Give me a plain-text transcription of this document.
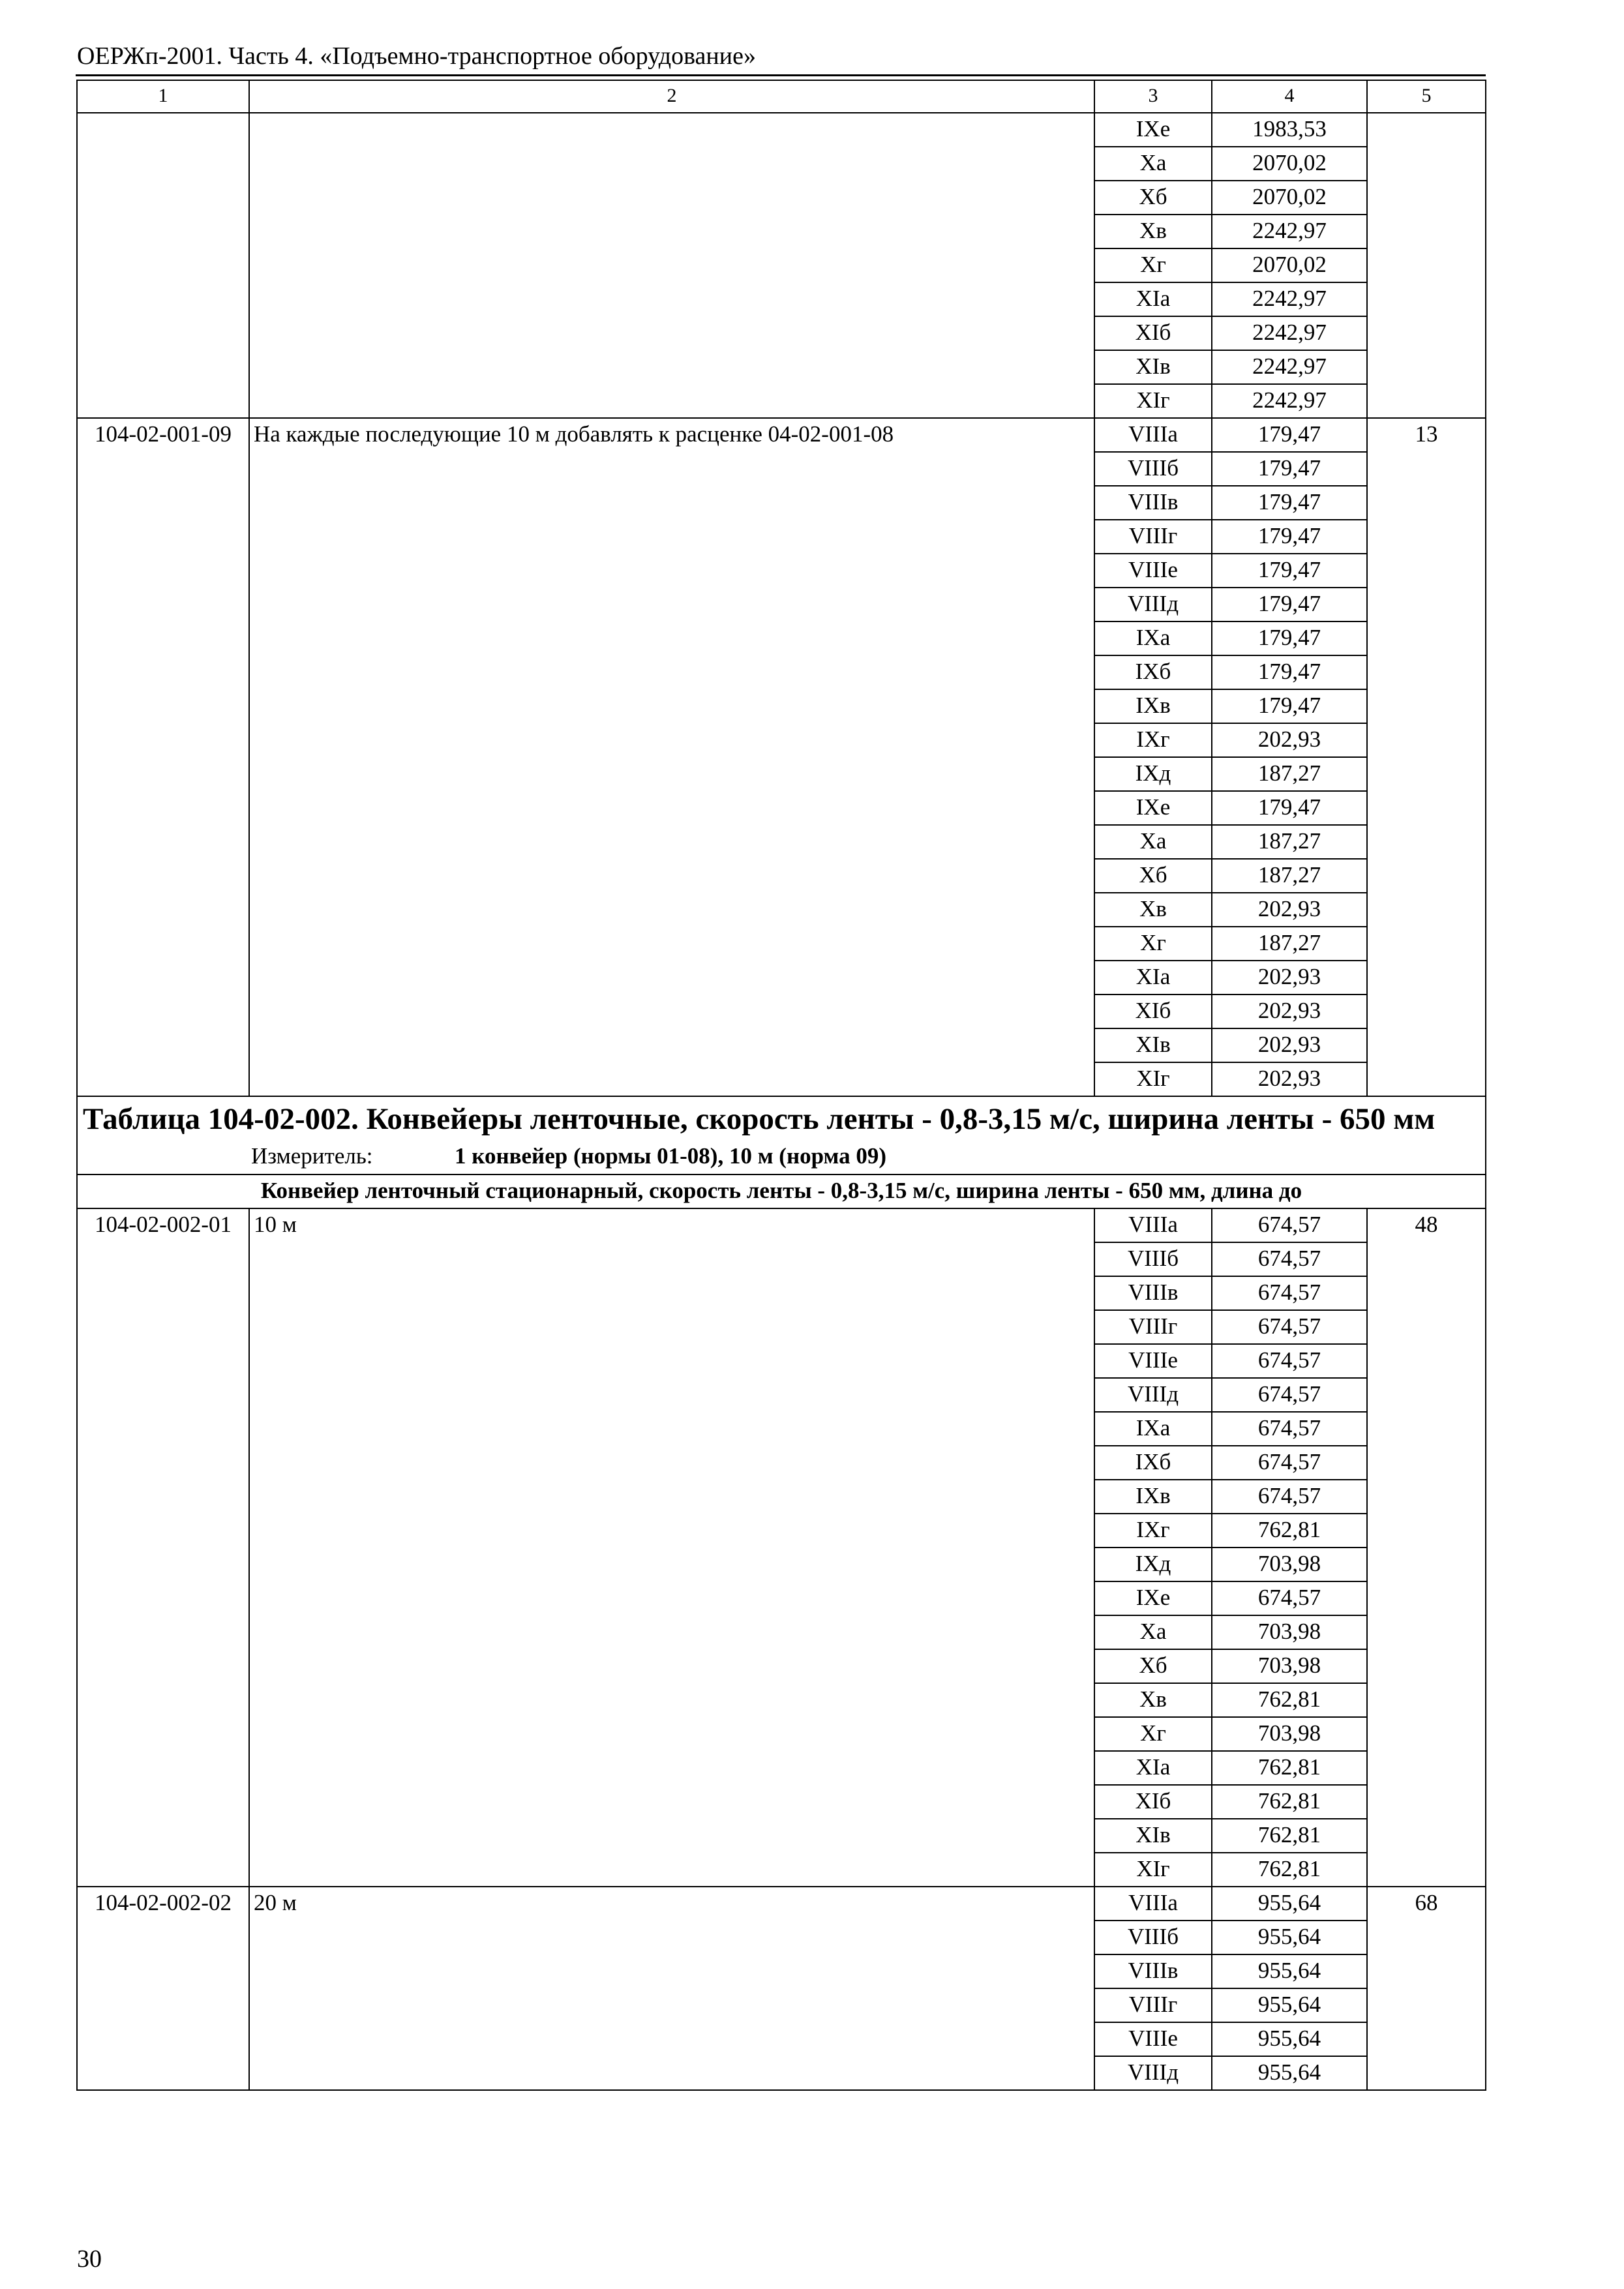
ОЕРЖп-2001. Часть 4. «Подъемно-транспортное оборудование»
1	2	3	4	5
		IXе	1983,53	
		Xа	2070,02	
		Xб	2070,02	
		Xв	2242,97	
		Xг	2070,02	
		XIа	2242,97	
		XIб	2242,97	
		XIв	2242,97	
		XIг	2242,97	
104-02-001-09	На каждые последующие 10 м добавлять к расценке 04-02-001-08	VIIIа	179,47	13
		VIIIб	179,47	
		VIIIв	179,47	
		VIIIг	179,47	
		VIIIе	179,47	
		VIIIд	179,47	
		IXа	179,47	
		IXб	179,47	
		IXв	179,47	
		IXг	202,93	
		IXд	187,27	
		IXе	179,47	
		Xа	187,27	
		Xб	187,27	
		Xв	202,93	
		Xг	187,27	
		XIа	202,93	
		XIб	202,93	
		XIв	202,93	
		XIг	202,93	

Таблица 104-02-002. Конвейеры ленточные, скорость ленты - 0,8-3,15 м/с, ширина ленты - 650 мм
Измеритель: 1 конвейер (нормы 01-08), 10 м (норма 09)				

Конвейер ленточный стационарный, скорость ленты - 0,8-3,15 м/с, ширина ленты - 650 мм, длина до				
104-02-002-01	10 м	VIIIа	674,57	48
		VIIIб	674,57	
		VIIIв	674,57	
		VIIIг	674,57	
		VIIIе	674,57	
		VIIIд	674,57	
		IXа	674,57	
		IXб	674,57	
		IXв	674,57	
		IXг	762,81	
		IXд	703,98	
		IXе	674,57	
		Xа	703,98	
		Xб	703,98	
		Xв	762,81	
		Xг	703,98	
		XIа	762,81	
		XIб	762,81	
		XIв	762,81	
		XIг	762,81	
104-02-002-02	20 м	VIIIа	955,64	68
		VIIIб	955,64	
		VIIIв	955,64	
		VIIIг	955,64	
		VIIIе	955,64	
		VIIIд	955,64	
30
